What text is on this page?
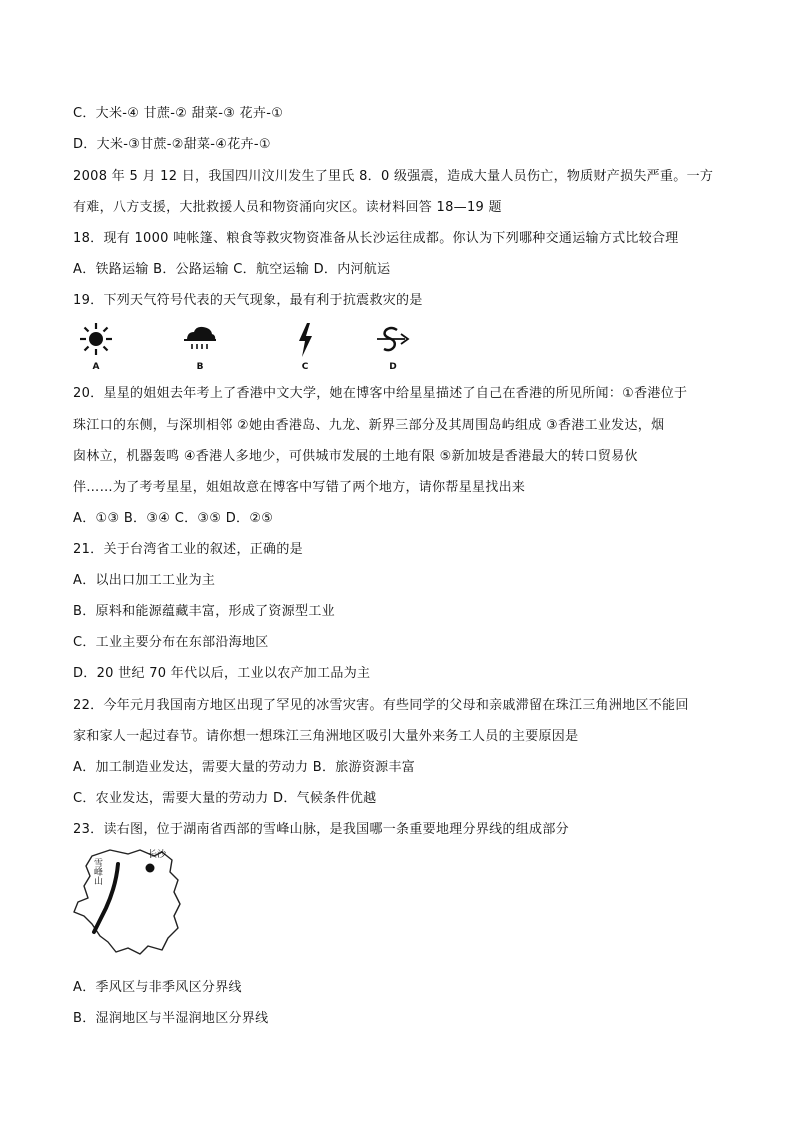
C．大米-④ 甘蔗-② 甜菜-③ 花卉-①
D．大米-③甘蔗-②甜菜-④花卉-①
2008 年 5 月 12 日，我国四川汶川发生了里氏 8．0 级强震，造成大量人员伤亡，物质财产损失严重。一方
有难，八方支援，大批救援人员和物资涌向灾区。读材料回答 18—19 题
18．现有 1000 吨帐篷、粮食等救灾物资准备从长沙运往成都。你认为下列哪种交通运输方式比较合理
A．铁路运输 B．公路运输 C．航空运输 D．内河航运
19．下列天气符号代表的天气现象，最有利于抗震救灾的是
A	B	C	D
20．星星的姐姐去年考上了香港中文大学，她在博客中给星星描述了自己在香港的所见所闻：①香港位于
珠江口的东侧，与深圳相邻 ②她由香港岛、九龙、新界三部分及其周围岛屿组成 ③香港工业发达，烟
囱林立，机器轰鸣 ④香港人多地少，可供城市发展的土地有限 ⑤新加坡是香港最大的转口贸易伙
伴……为了考考星星，姐姐故意在博客中写错了两个地方，请你帮星星找出来
A．①③ B．③④ C．③⑤ D．②⑤
21．关于台湾省工业的叙述，正确的是
A．以出口加工工业为主
B．原料和能源蕴藏丰富，形成了资源型工业
C．工业主要分布在东部沿海地区
D．20 世纪 70 年代以后，工业以农产加工品为主
22．今年元月我国南方地区出现了罕见的冰雪灾害。有些同学的父母和亲戚滞留在珠江三角洲地区不能回
家和家人一起过春节。请你想一想珠江三角洲地区吸引大量外来务工人员的主要原因是
A．加工制造业发达，需要大量的劳动力 B．旅游资源丰富
C．农业发达，需要大量的劳动力 D．气候条件优越
23．读右图，位于湖南省西部的雪峰山脉，是我国哪一条重要地理分界线的组成部分
雪峰山
长沙
A．季风区与非季风区分界线
B．湿润地区与半湿润地区分界线
